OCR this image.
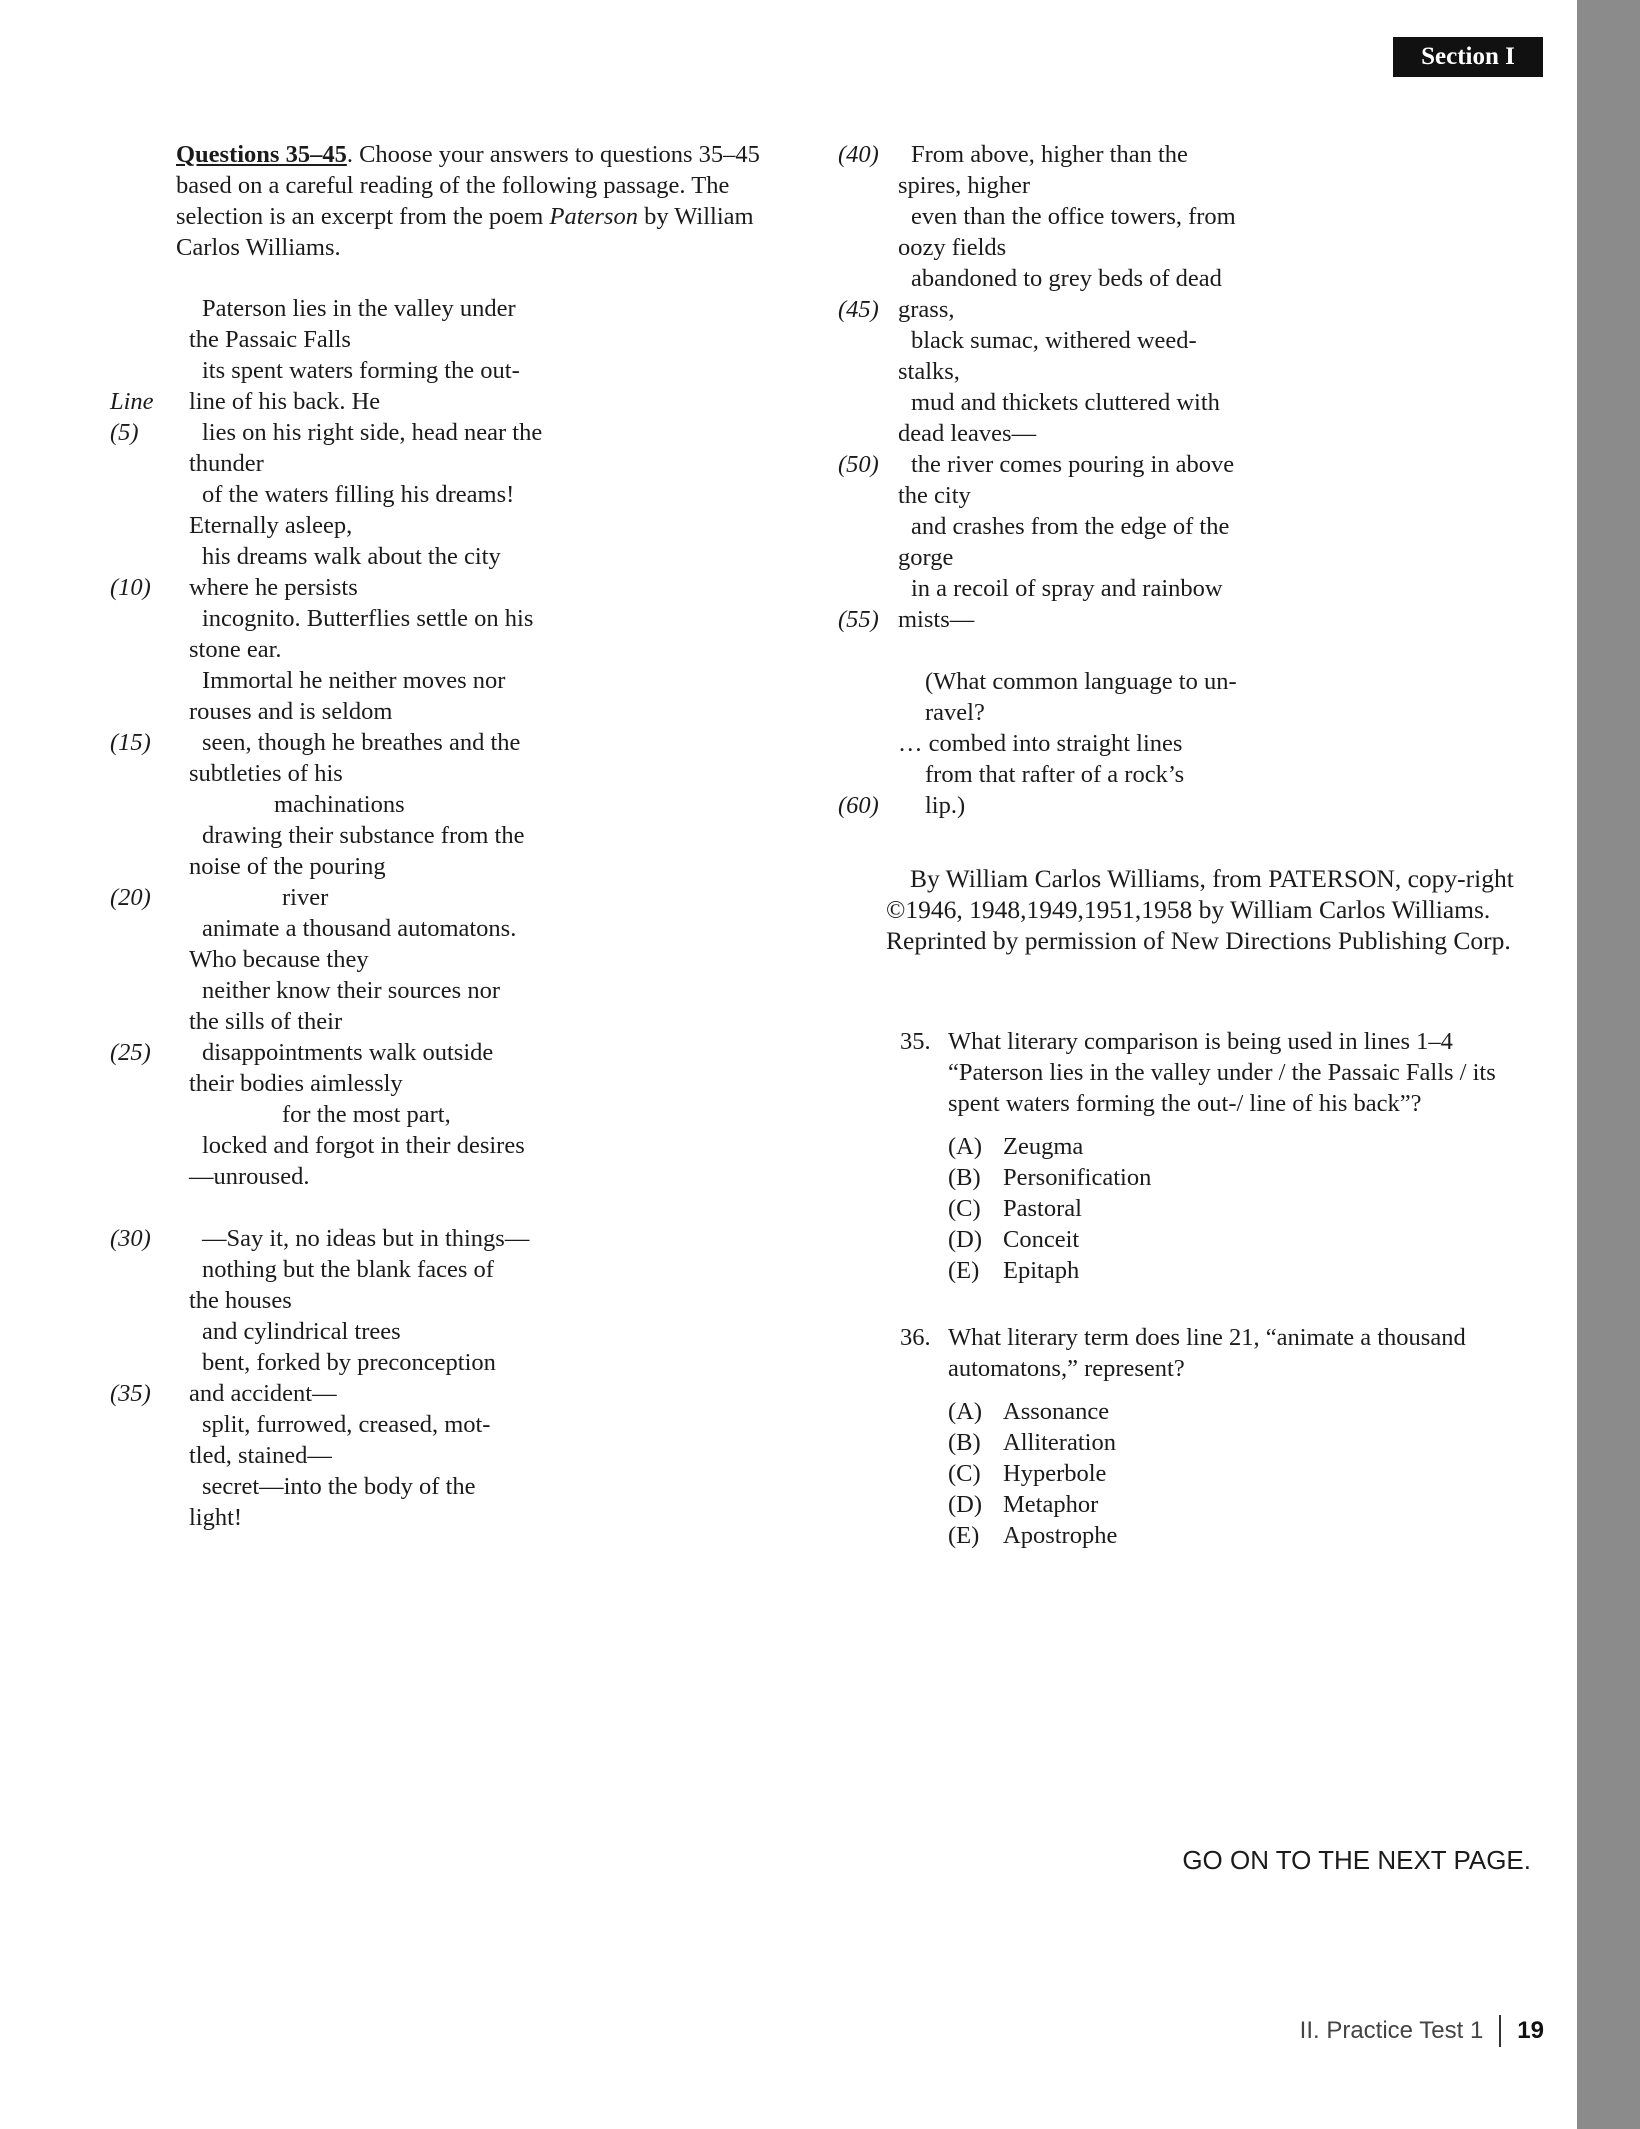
Section I

Questions 35–45. Choose your answers to questions 35–45 based on a careful reading of the following passage. The selection is an excerpt from the poem Paterson by William Carlos Williams.

Paterson lies in the valley under
the Passaic Falls
its spent waters forming the out-
Line line of his back. He
(5)	lies on his right side, head near the
thunder
of the waters filling his dreams!
Eternally asleep,
his dreams walk about the city
(10) where he persists
incognito. Butterflies settle on his
stone ear.
Immortal he neither moves nor
rouses and is seldom
(15)	seen, though he breathes and the
subtleties of his
machinations
drawing their substance from the
noise of the pouring
(20)	river
animate a thousand automatons.
Who because they
neither know their sources nor
the sills of their
(25)	disappointments walk outside
their bodies aimlessly
for the most part,
locked and forgot in their desires
—unroused.
(30)	—Say it, no ideas but in things—
nothing but the blank faces of
the houses
and cylindrical trees
bent, forked by preconception
(35) and accident—
split, furrowed, creased, mot-
tled, stained—
secret—into the body of the
light!
(40)	From above, higher than the
spires, higher
even than the office towers, from
oozy fields
abandoned to grey beds of dead
(45) grass,
black sumac, withered weed-
stalks,
mud and thickets cluttered with
dead leaves—
(50)	the river comes pouring in above
the city
and crashes from the edge of the
gorge
in a recoil of spray and rainbow
(55) mists—
(What common language to un-
ravel?
… combed into straight lines
from that rafter of a rock’s
(60)	lip.)

By William Carlos Williams, from PATERSON, copy-right ©1946, 1948,1949,1951,1958 by William Carlos Williams. Reprinted by permission of New Directions Publishing Corp.

35. What literary comparison is being used in lines 1–4 “Paterson lies in the valley under / the Passaic Falls / its spent waters forming the out-/ line of his back”?
(A) Zeugma
(B) Personification
(C) Pastoral
(D) Conceit
(E) Epitaph
36. What literary term does line 21, “animate a thousand automatons,” represent?
(A) Assonance
(B) Alliteration
(C) Hyperbole
(D) Metaphor
(E) Apostrophe
GO ON TO THE NEXT PAGE.
II. Practice Test 1 19
